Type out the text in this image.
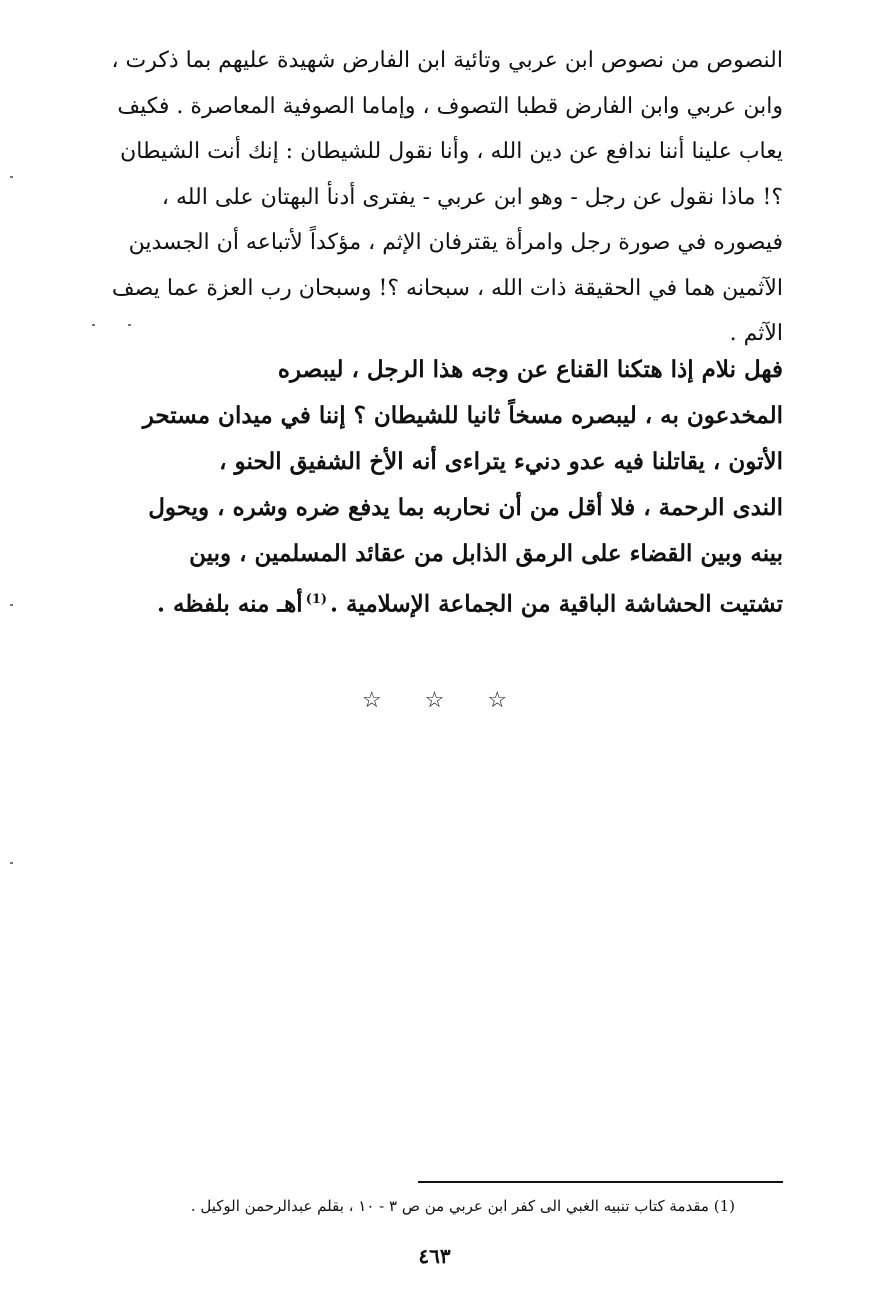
النصوص من نصوص ابن عربي وتائية ابن الفارض شهيدة عليهم بما ذكرت ،
وابن عربي وابن الفارض قطبا التصوف ، وإماما الصوفية المعاصرة . فكيف
يعاب علينا أننا ندافع عن دين الله ، وأنا نقول للشيطان : إنك أنت الشيطان
؟! ماذا نقول عن رجل - وهو ابن عربي - يفترى أدنأ البهتان على الله ،
فيصوره في صورة رجل وامرأة يقترفان الإثم ، مؤكداً لأتباعه أن الجسدين
الآثمين هما في الحقيقة ذات الله ، سبحانه ؟! وسبحان رب العزة عما يصف
الآثم .
فهل نلام إذا هتكنا القناع عن وجه هذا الرجل ، ليبصره
المخدعون به ، ليبصره مسخاً ثانيا للشيطان ؟ إننا في ميدان مستحر
الأتون ، يقاتلنا فيه عدو دنيء يتراءى أنه الأخ الشفيق الحنو ،
الندى الرحمة ، فلا أقل من أن نحاربه بما يدفع ضره وشره ، ويحول
بينه وبين القضاء على الرمق الذابل من عقائد المسلمين ، وبين
تشتيت الحشاشة الباقية من الجماعة الإسلامية .$^{(1)}$أهـ منه بلفظه .
☆ ☆ ☆
(1) مقدمة كتاب تنبيه الغبي الى كفر ابن عربي من ص ٣ - ١٠ ، بقلم عبدالرحمن الوكيل .
٤٦٣
